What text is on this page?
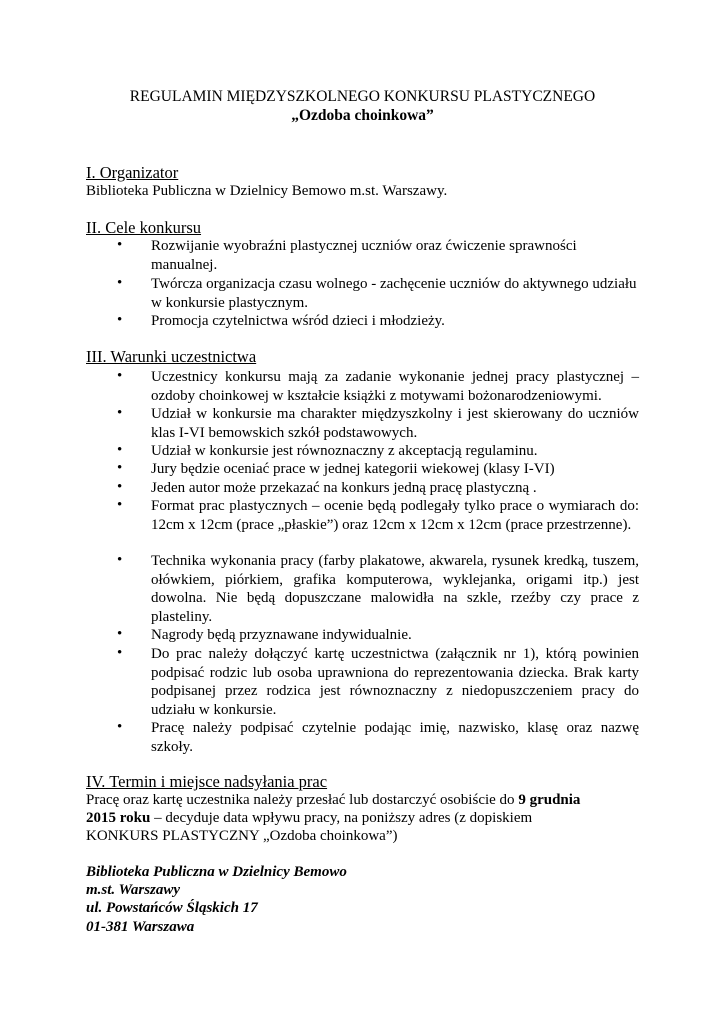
REGULAMIN MIĘDZYSZKOLNEGO KONKURSU PLASTYCZNEGO
„Ozdoba choinkowa”
I. Organizator
Biblioteka Publiczna w Dzielnicy Bemowo m.st. Warszawy.
II. Cele konkursu
• Rozwijanie wyobraźni plastycznej uczniów oraz ćwiczenie sprawności manualnej.
• Twórcza organizacja czasu wolnego - zachęcenie uczniów do aktywnego udziału w konkursie plastycznym.
• Promocja czytelnictwa wśród dzieci i młodzieży.
III. Warunki uczestnictwa
• Uczestnicy konkursu mają za zadanie wykonanie jednej pracy plastycznej – ozdoby choinkowej w kształcie książki z motywami bożonarodzeniowymi.
• Udział w konkursie ma charakter międzyszkolny i jest skierowany do uczniów klas I-VI bemowskich szkół podstawowych.
• Udział w konkursie jest równoznaczny z akceptacją regulaminu.
• Jury będzie oceniać prace w jednej kategorii wiekowej (klasy I-VI)
• Jeden autor może przekazać na konkurs jedną pracę plastyczną .
• Format prac plastycznych – ocenie będą podlegały tylko prace o wymiarach do: 12cm x 12cm (prace „płaskie”) oraz 12cm x 12cm x 12cm (prace przestrzenne).
• Technika wykonania pracy (farby plakatowe, akwarela, rysunek kredką, tuszem, ołówkiem, piórkiem, grafika komputerowa, wyklejanka, origami itp.) jest dowolna. Nie będą dopuszczane malowidła na szkle, rzeźby czy prace z plasteliny.
• Nagrody będą przyznawane indywidualnie.
• Do prac należy dołączyć kartę uczestnictwa (załącznik nr 1), którą powinien podpisać rodzic lub osoba uprawniona do reprezentowania dziecka. Brak karty podpisanej przez rodzica jest równoznaczny z niedopuszczeniem pracy do udziału w konkursie.
• Pracę należy podpisać czytelnie podając imię, nazwisko, klasę oraz nazwę szkoły.
IV. Termin i miejsce nadsyłania prac
Pracę oraz kartę uczestnika należy przesłać lub dostarczyć osobiście do 9 grudnia
2015 roku – decyduje data wpływu pracy, na poniższy adres (z dopiskiem
KONKURS PLASTYCZNY „Ozdoba choinkowa”)
Biblioteka Publiczna w Dzielnicy Bemowo
m.st. Warszawy
ul. Powstańców Śląskich 17
01-381 Warszawa
